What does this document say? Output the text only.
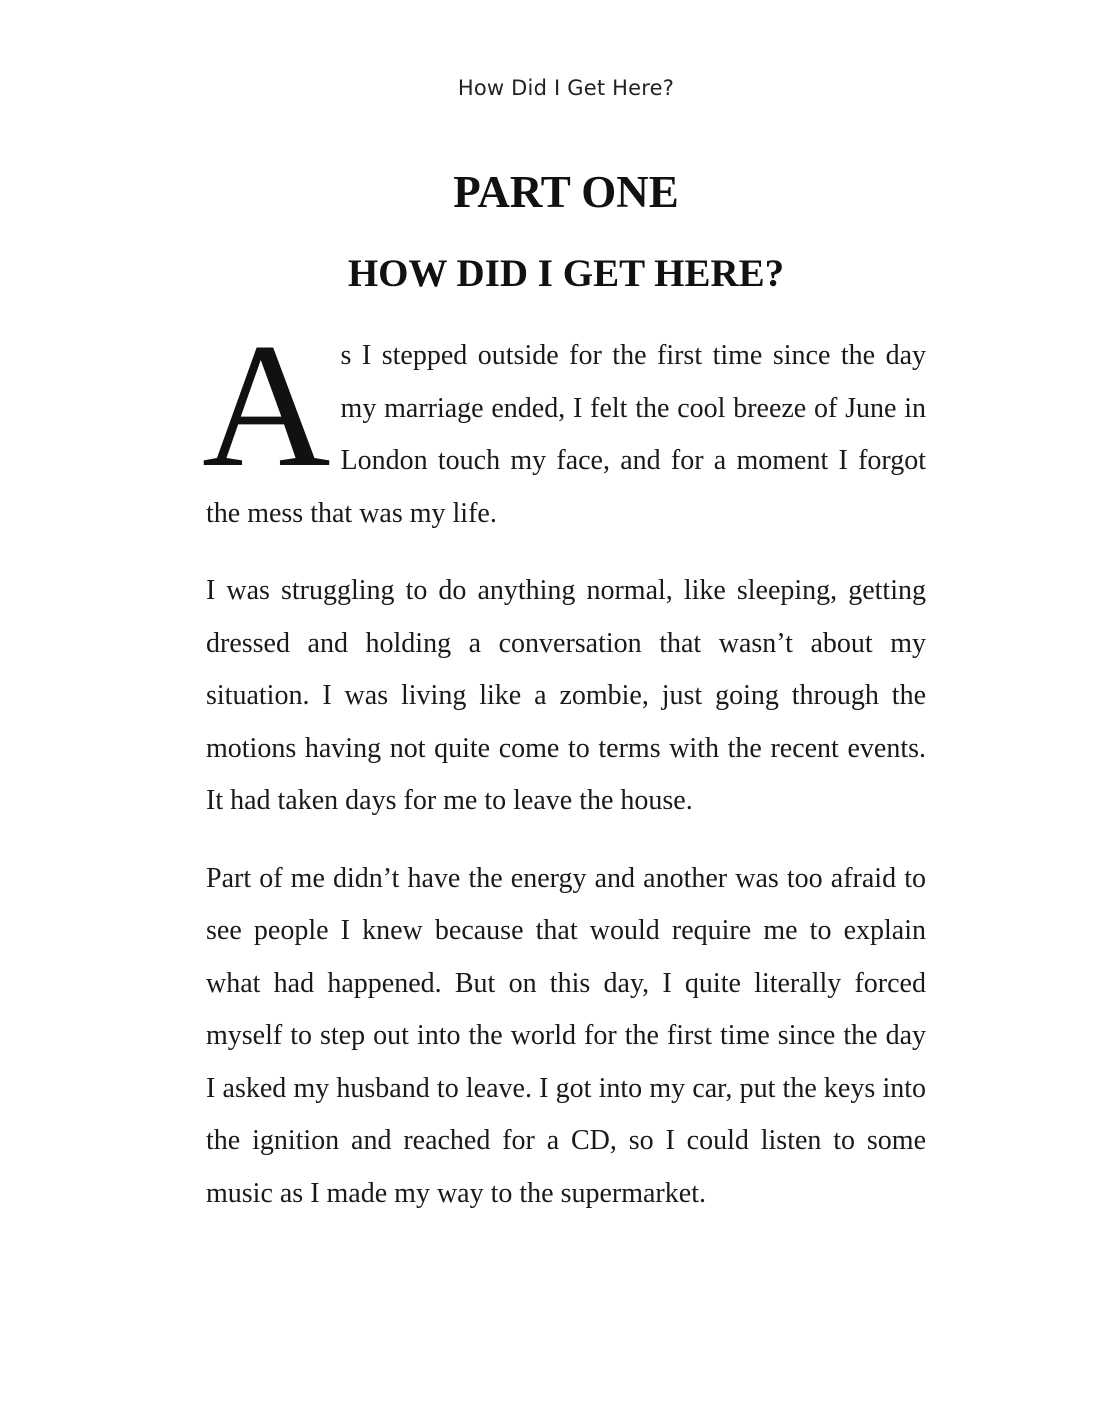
How Did I Get Here?
PART ONE
HOW DID I GET HERE?

As I stepped outside for the first time since the day my marriage ended, I felt the cool breeze of June in London touch my face, and for a moment I forgot the mess that was my life.

I was struggling to do anything normal, like sleeping, getting dressed and holding a conversation that wasn’t about my situation. I was living like a zombie, just going through the motions having not quite come to terms with the recent events. It had taken days for me to leave the house.

Part of me didn’t have the energy and another was too afraid to see people I knew because that would require me to explain what had happened. But on this day, I quite literally forced myself to step out into the world for the first time since the day I asked my husband to leave. I got into my car, put the keys into the ignition and reached for a CD, so I could listen to some music as I made my way to the supermarket.
